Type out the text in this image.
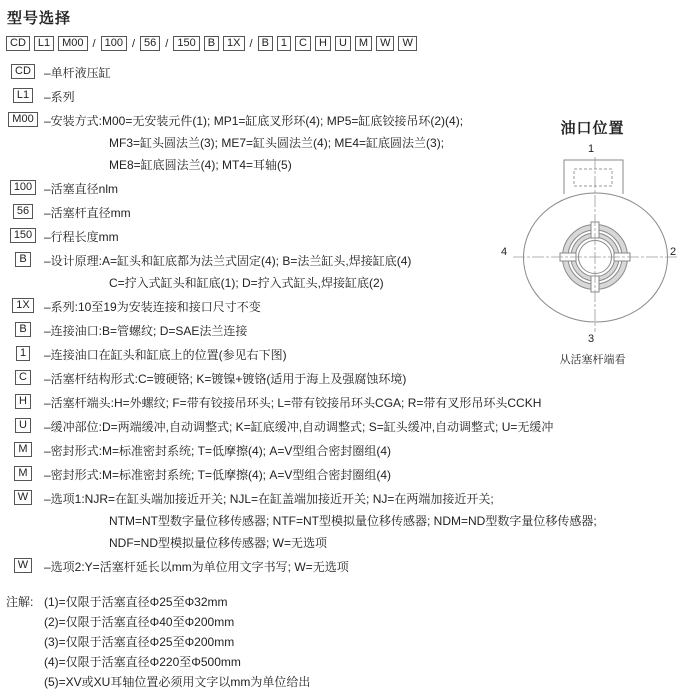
型号选择
CD	L1	M00 / 100 / 56 / 150	B	1X / B	1	C	H	U	M	W	W
CD	–单杆液压缸
L1	–系列
M00 –安装方式:M00=无安装元件(1); MP1=缸底叉形环(4); MP5=缸底铰接吊环(2)(4);
MF3=缸头圆法兰(3); ME7=缸头圆法兰(4); ME4=缸底圆法兰(3);
ME8=缸底圆法兰(4); MT4=耳轴(5)
100 –活塞直径nlm
56	–活塞杆直径mm
150 –行程长度mm
B	–设计原理:A=缸头和缸底都为法兰式固定(4); B=法兰缸头,焊接缸底(4)
C=拧入式缸头和缸底(1); D=拧入式缸头,焊接缸底(2)
1X	–系列:10至19为安装连接和接口尺寸不变
B	–连接油口:B=管螺纹; D=SAE法兰连接
1	–连接油口在缸头和缸底上的位置(参见右下图)
C	–活塞杆结构形式:C=镀硬铬; K=镀镍+镀铬(适用于海上及强腐蚀环境)
H	–活塞杆端头:H=外螺纹; F=带有铰接吊环头; L=带有铰接吊环头CGA; R=带有叉形吊环头CCKH
U	–缓冲部位:D=两端缓冲,自动调整式; K=缸底缓冲,自动调整式; S=缸头缓冲,自动调整式; U=无缓冲
M	–密封形式:M=标准密封系统; T=低摩擦(4); A=V型组合密封圈组(4)
M	–密封形式:M=标准密封系统; T=低摩擦(4); A=V型组合密封圈组(4)
W	–选项1:NJR=在缸头端加接近开关; NJL=在缸盖端加接近开关; NJ=在两端加接近开关;
NTM=NT型数字量位移传感器; NTF=NT型模拟量位移传感器; NDM=ND型数字量位移传感器;
NDF=ND型模拟量位移传感器; W=无选项
W	–选项2:Y=活塞杆延长以mm为单位用文字书写; W=无选项
注解: (1)=仅限于活塞直径Φ25至Φ32mm
(2)=仅限于活塞直径Φ40至Φ200mm
(3)=仅限于活塞直径Φ25至Φ200mm
(4)=仅限于活塞直径Φ220至Φ500mm
(5)=XV或XU耳轴位置必须用文字以mm为单位给出
油口位置
1
2
3
4
从活塞杆端看
